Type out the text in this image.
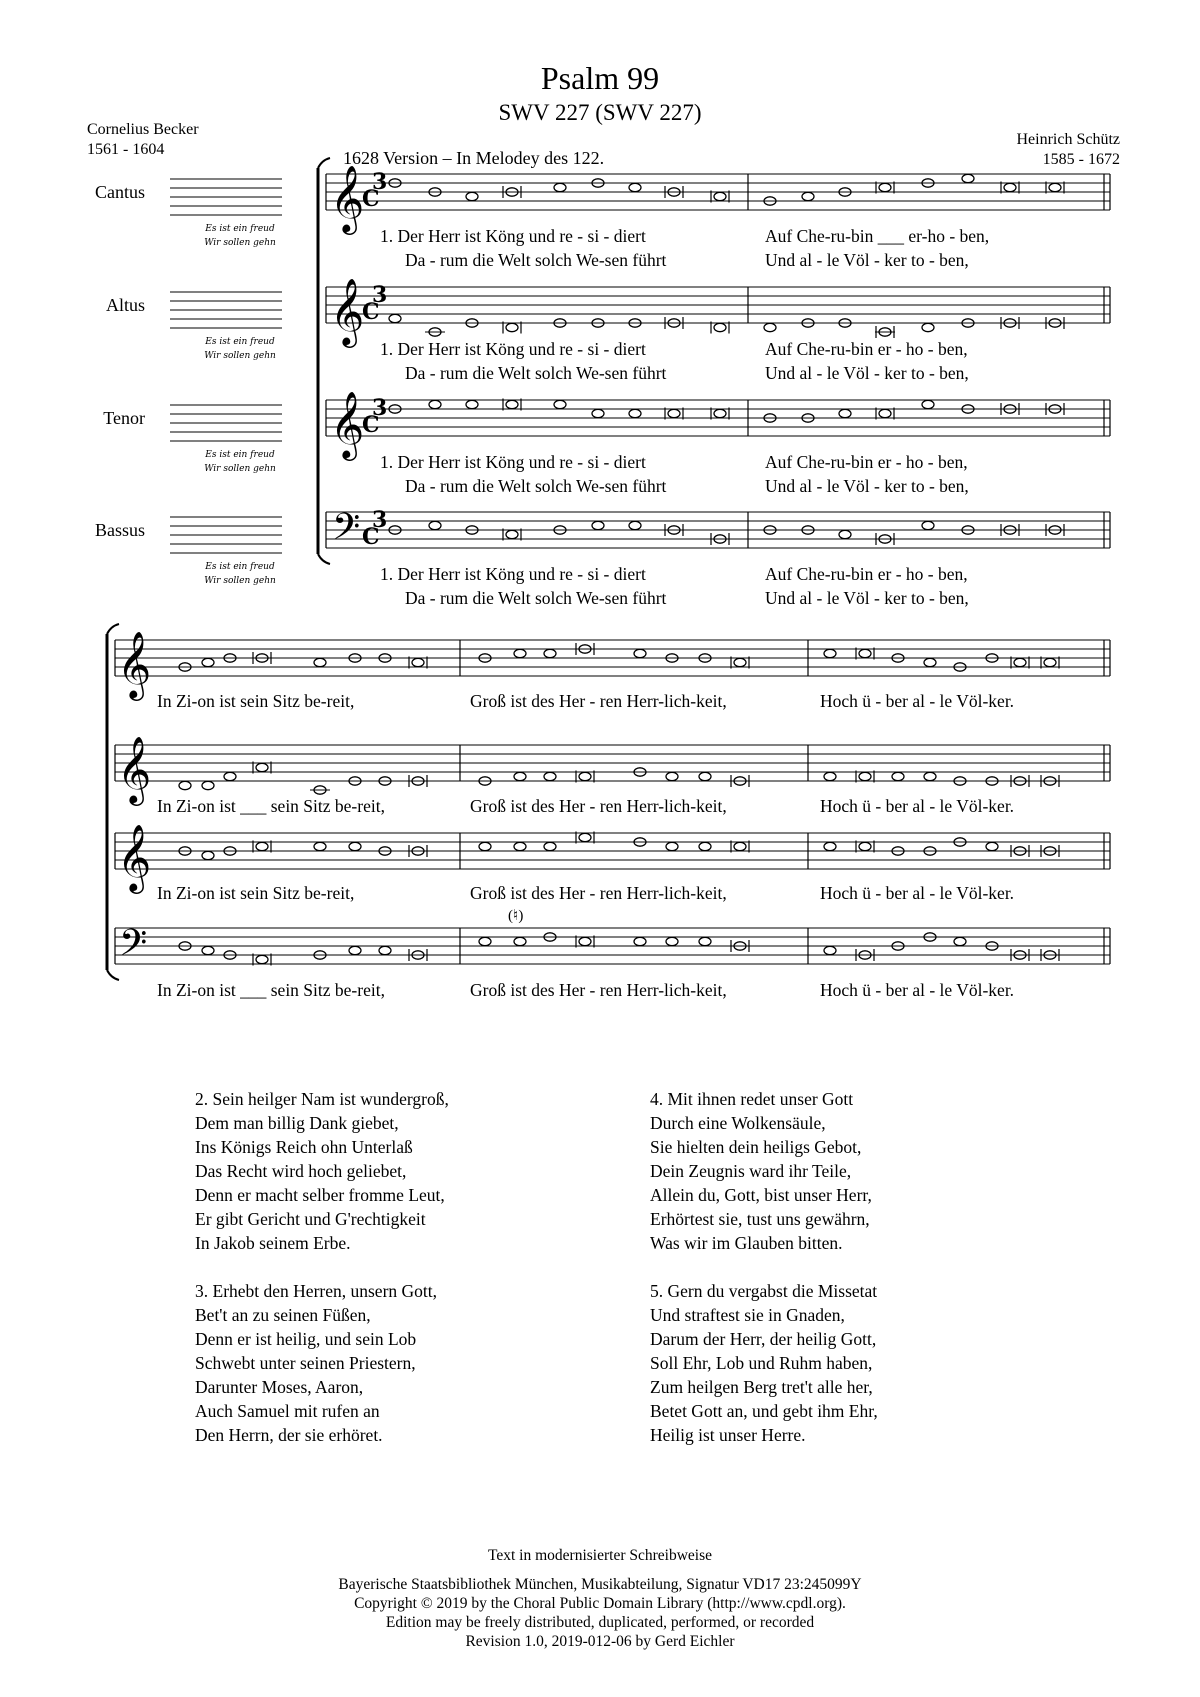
Psalm 99
SWV 227 (SWV 227)
Cornelius Becker
1561 - 1604
Heinrich Schütz
1585 - 1672
1628 Version – In Melodey des 122.
Cantus
Altus
Tenor
Bassus
Es ist ein freud
Wir sollen gehn
Es ist ein freud
Wir sollen gehn
Es ist ein freud
Wir sollen gehn
Es ist ein freud
Wir sollen gehn
𝄞 3
C
𝄞 3
C
𝄞 3
C
𝄢 3
C
𝄞
𝄞
𝄞
𝄢
1. Der Herr ist Köng und re - si - diert	Auf Che-ru-bin ___ er-ho - ben,
Da - rum die Welt solch We-sen führt	Und al - le Völ - ker to - ben,
1. Der Herr ist Köng und re - si - diert	Auf Che-ru-bin er - ho - ben,
Da - rum die Welt solch We-sen führt	Und al - le Völ - ker to - ben,
1. Der Herr ist Köng und re - si - diert	Auf Che-ru-bin er - ho - ben,
Da - rum die Welt solch We-sen führt	Und al - le Völ - ker to - ben,
1. Der Herr ist Köng und re - si - diert	Auf Che-ru-bin er - ho - ben,
Da - rum die Welt solch We-sen führt	Und al - le Völ - ker to - ben,
In Zi-on ist sein Sitz be-reit,	Groß ist des Her - ren Herr-lich-keit,	Hoch ü - ber al - le Völ-ker.
In Zi-on ist ___ sein Sitz be-reit,	Groß ist des Her - ren Herr-lich-keit,	Hoch ü - ber al - le Völ-ker.
In Zi-on ist sein Sitz be-reit,	Groß ist des Her - ren Herr-lich-keit,	Hoch ü - ber al - le Völ-ker.
In Zi-on ist ___ sein Sitz be-reit,	Groß ist des Her - ren Herr-lich-keit,	Hoch ü - ber al - le Völ-ker.
(♮)
2. Sein heilger Nam ist wundergroß,
Dem man billig Dank giebet,
Ins Königs Reich ohn Unterlaß
Das Recht wird hoch geliebet,
Denn er macht selber fromme Leut,
Er gibt Gericht und G'rechtigkeit
In Jakob seinem Erbe.
3. Erhebt den Herren, unsern Gott,
Bet't an zu seinen Füßen,
Denn er ist heilig, und sein Lob
Schwebt unter seinen Priestern,
Darunter Moses, Aaron,
Auch Samuel mit rufen an
Den Herrn, der sie erhöret.
4. Mit ihnen redet unser Gott
Durch eine Wolkensäule,
Sie hielten dein heiligs Gebot,
Dein Zeugnis ward ihr Teile,
Allein du, Gott, bist unser Herr,
Erhörtest sie, tust uns gewährn,
Was wir im Glauben bitten.
5. Gern du vergabst die Missetat
Und straftest sie in Gnaden,
Darum der Herr, der heilig Gott,
Soll Ehr, Lob und Ruhm haben,
Zum heilgen Berg tret't alle her,
Betet Gott an, und gebt ihm Ehr,
Heilig ist unser Herre.
Text in modernisierter Schreibweise
Bayerische Staatsbibliothek München, Musikabteilung, Signatur VD17 23:245099Y
Copyright © 2019 by the Choral Public Domain Library (http://www.cpdl.org).
Edition may be freely distributed, duplicated, performed, or recorded
Revision 1.0, 2019-012-06 by Gerd Eichler
